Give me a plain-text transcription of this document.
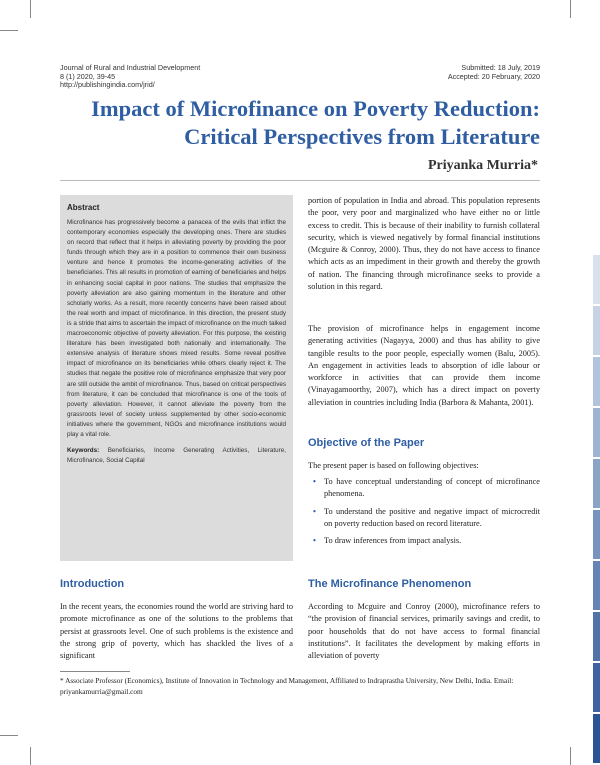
Journal of Rural and Industrial Development
8 (1) 2020, 39-45
http://publishingindia.com/jrid/
Submitted: 18 July, 2019
Accepted: 20 February, 2020
Impact of Microfinance on Poverty Reduction:
Critical Perspectives from Literature
Priyanka Murria*
Abstract
Microfinance has progressively become a panacea of the evils that inflict the contemporary economies especially the developing ones. There are studies on record that reflect that it helps in alleviating poverty by providing the poor funds through which they are in a position to commence their own business venture and hence it promotes the income-generating activities of the beneficiaries. This all results in promotion of earning of beneficiaries and helps in enhancing social capital in poor nations. The studies that emphasize the poverty alleviation are also gaining momentum in the literature and other scholarly works. As a result, more recently concerns have been raised about the real worth and impact of microfinance. In this direction, the present study is a stride that aims to ascertain the impact of microfinance on the much talked macroeconomic objective of poverty alleviation. For this purpose, the existing literature has been investigated both nationally and internationally. The extensive analysis of literature shows mixed results. Some reveal positive impact of microfinance on its beneficiaries while others clearly reject it. The studies that negate the positive role of microfinance emphasize that very poor are still outside the ambit of microfinance. Thus, based on critical perspectives from literature, it can be concluded that microfinance is one of the tools of poverty alleviation. However, it cannot alleviate the poverty from the grassroots level of society unless supplemented by other socio-economic initiatives where the government, NGOs and microfinance institutions would play a vital role.
Keywords: Beneficiaries, Income Generating Activities, Literature, Microfinance, Social Capital
Introduction
In the recent years, the economies round the world are striving hard to promote microfinance as one of the solutions to the problems that persist at grassroots level. One of such problems is the existence and the strong grip of poverty, which has shackled the lives of a significant
portion of population in India and abroad. This population represents the poor, very poor and marginalized who have either no or little excess to credit. This is because of their inability to furnish collateral security, which is viewed negatively by formal financial institutions (Mcguire & Conroy, 2000). Thus, they do not have access to finance which acts as an impediment in their growth and thereby the growth of nation. The financing through microfinance seeks to provide a solution in this regard.
The provision of microfinance helps in engagement income generating activities (Nagayya, 2000) and thus has ability to give tangible results to the poor people, especially women (Balu, 2005). An engagement in activities leads to absorption of idle labour or workforce in activities that can provide them income (Vinayagamoorthy, 2007), which has a direct impact on poverty alleviation in countries including India (Barbora & Mahanta, 2001).
Objective of the Paper
The present paper is based on following objectives:
• To have conceptual understanding of concept of microfinance phenomena.
• To understand the positive and negative impact of microcredit on poverty reduction based on record literature.
• To draw inferences from impact analysis.
The Microfinance Phenomenon
According to Mcguire and Conroy (2000), microfinance refers to “the provision of financial services, primarily savings and credit, to poor households that do not have access to formal financial institutions”. It facilitates the development by making efforts in alleviation of poverty
* Associate Professor (Economics), Institute of Innovation in Technology and Management, Affiliated to Indraprastha University, New Delhi, India. Email: priyankamurria@gmail.com
